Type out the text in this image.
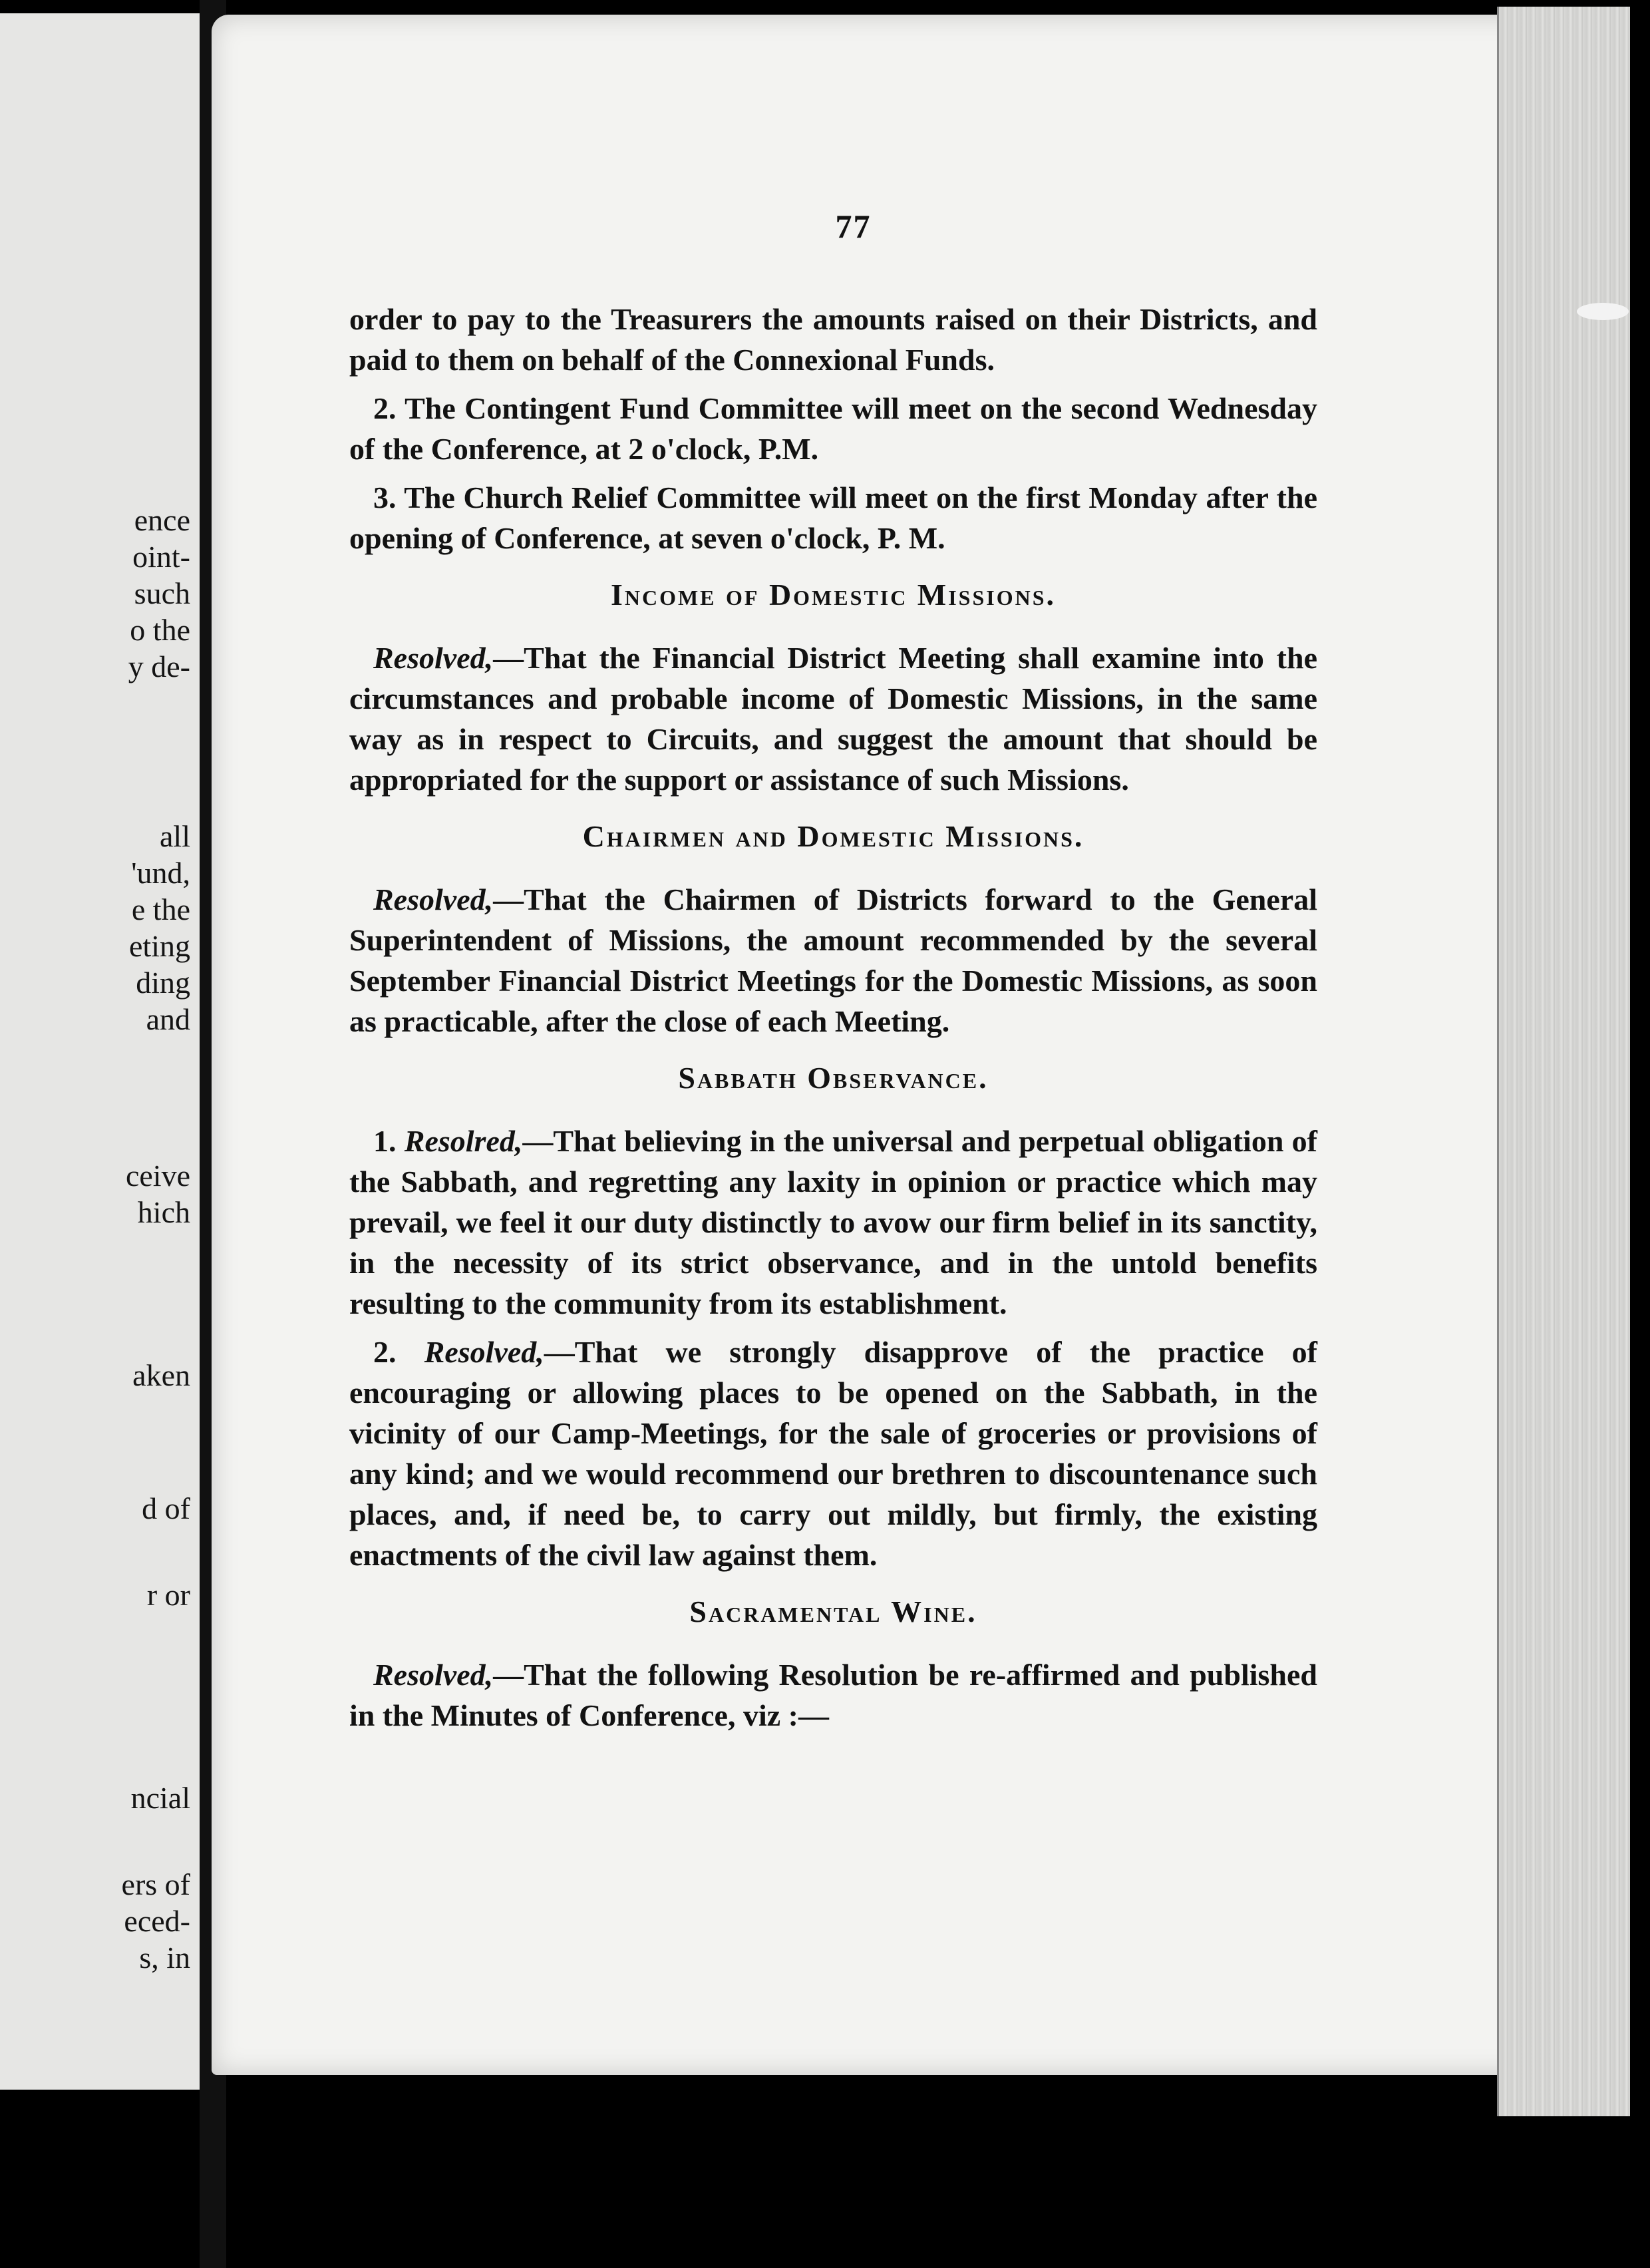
ence
oint-
such
o the
y de-
all
'und,
e the
eting
ding
and
ceive
hich
aken
d of
r or
ncial
ers of
eced-
s, in
77

order to pay to the Treasurers the amounts raised on their Districts, and paid to them on behalf of the Connexional Funds.

2. The Contingent Fund Committee will meet on the second Wednesday of the Conference, at 2 o'clock, P.M.

3. The Church Relief Committee will meet on the first Monday after the opening of Conference, at seven o'clock, P. M.

Income of Domestic Missions.

Resolved,—That the Financial District Meeting shall examine into the circumstances and probable income of Domestic Missions, in the same way as in respect to Circuits, and suggest the amount that should be appropriated for the support or assistance of such Missions.

Chairmen and Domestic Missions.

Resolved,—That the Chairmen of Districts forward to the General Superintendent of Missions, the amount recommended by the several September Financial District Meetings for the Domestic Missions, as soon as practicable, after the close of each Meeting.

Sabbath Observance.

1. Resolred,—That believing in the universal and perpetual obligation of the Sabbath, and regretting any laxity in opinion or practice which may prevail, we feel it our duty distinctly to avow our firm belief in its sanctity, in the necessity of its strict observance, and in the untold benefits resulting to the community from its establishment.

2. Resolved,—That we strongly disapprove of the practice of encouraging or allowing places to be opened on the Sabbath, in the vicinity of our Camp-Meetings, for the sale of groceries or provisions of any kind; and we would recommend our brethren to discountenance such places, and, if need be, to carry out mildly, but firmly, the existing enactments of the civil law against them.

Sacramental Wine.

Resolved,—That the following Resolution be re-affirmed and published in the Minutes of Conference, viz :—
